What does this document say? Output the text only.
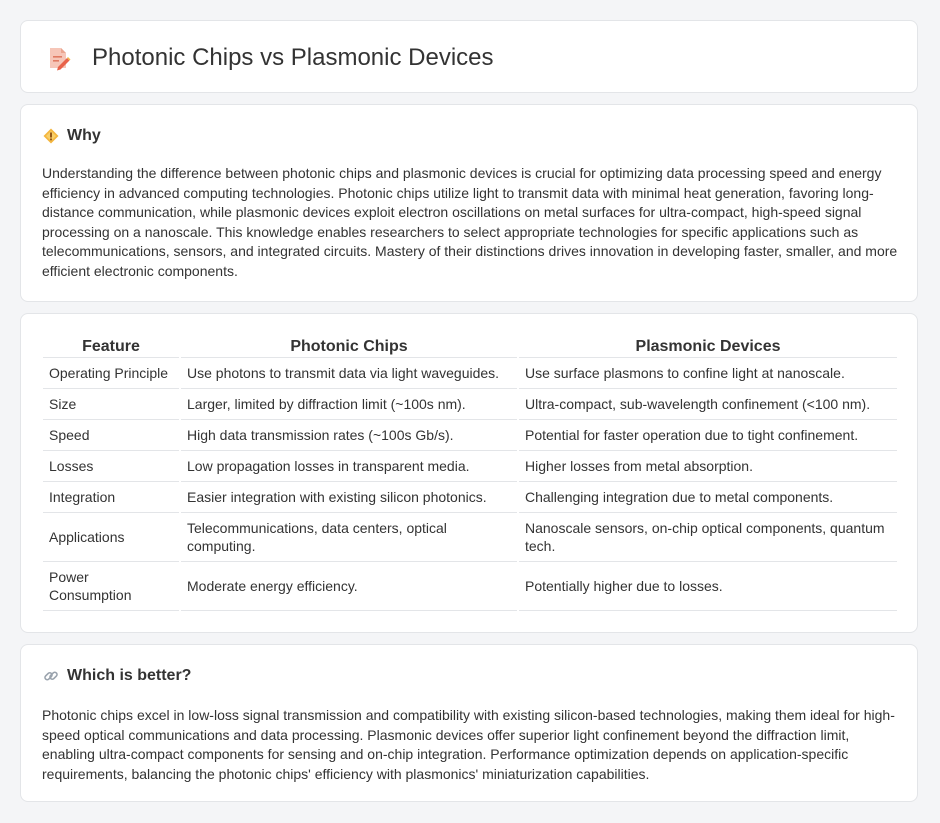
Photonic Chips vs Plasmonic Devices
Why

Understanding the difference between photonic chips and plasmonic devices is crucial for optimizing data processing speed and energy efficiency in advanced computing technologies. Photonic chips utilize light to transmit data with minimal heat generation, favoring long-distance communication, while plasmonic devices exploit electron oscillations on metal surfaces for ultra-compact, high-speed signal processing on a nanoscale. This knowledge enables researchers to select appropriate technologies for specific applications such as telecommunications, sensors, and integrated circuits. Mastery of their distinctions drives innovation in developing faster, smaller, and more efficient electronic components.

Feature	Photonic Chips	Plasmonic Devices
Operating Principle	Use photons to transmit data via light waveguides.	Use surface plasmons to confine light at nanoscale.
Size	Larger, limited by diffraction limit (~100s nm).	Ultra-compact, sub-wavelength confinement (<100 nm).
Speed	High data transmission rates (~100s Gb/s).	Potential for faster operation due to tight confinement.
Losses	Low propagation losses in transparent media.	Higher losses from metal absorption.
Integration	Easier integration with existing silicon photonics.	Challenging integration due to metal components.
Applications	Telecommunications, data centers, optical computing.	Nanoscale sensors, on-chip optical components, quantum tech.
Power Consumption	Moderate energy efficiency.	Potentially higher due to losses.
Which is better?

Photonic chips excel in low-loss signal transmission and compatibility with existing silicon-based technologies, making them ideal for high-speed optical communications and data processing. Plasmonic devices offer superior light confinement beyond the diffraction limit, enabling ultra-compact components for sensing and on-chip integration. Performance optimization depends on application-specific requirements, balancing the photonic chips' efficiency with plasmonics' miniaturization capabilities.
